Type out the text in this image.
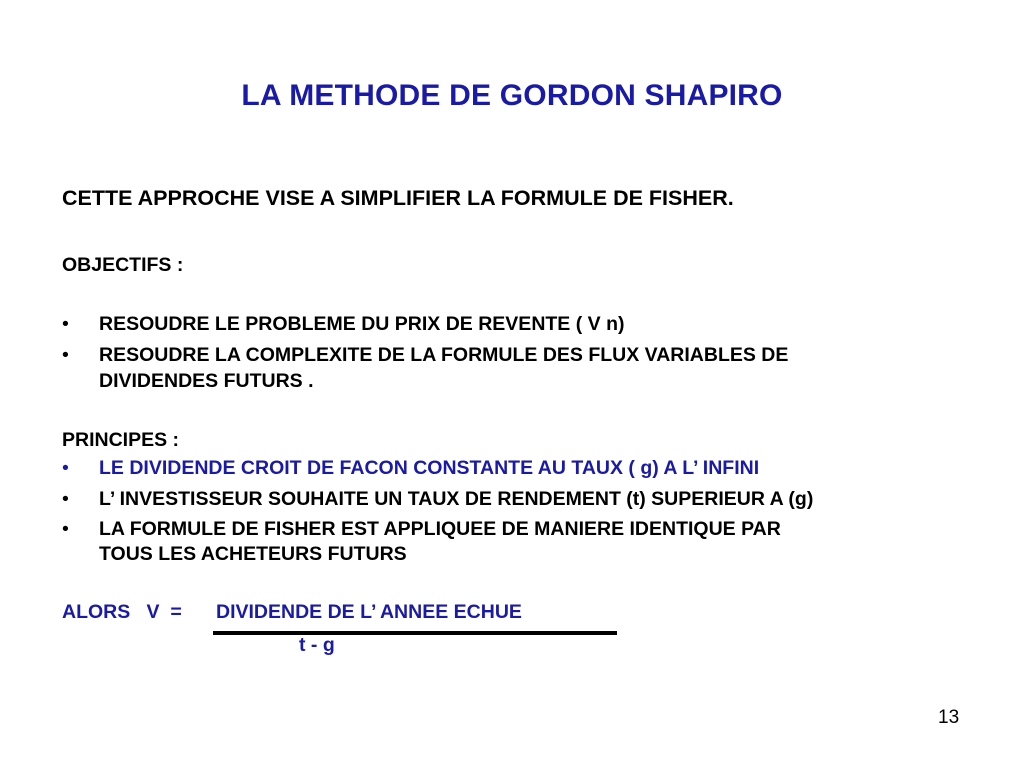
LA METHODE DE GORDON SHAPIRO
CETTE APPROCHE VISE A SIMPLIFIER LA FORMULE DE FISHER.
OBJECTIFS :
• RESOUDRE LE PROBLEME DU PRIX DE REVENTE ( V n)
• RESOUDRE LA COMPLEXITE DE LA FORMULE DES FLUX VARIABLES DE
DIVIDENDES FUTURS .
PRINCIPES :
• LE DIVIDENDE CROIT DE FACON CONSTANTE AU TAUX ( g) A L’ INFINI
• L’ INVESTISSEUR SOUHAITE UN TAUX DE RENDEMENT (t) SUPERIEUR A (g)
• LA FORMULE DE FISHER EST APPLIQUEE DE MANIERE IDENTIQUE PAR
TOUS LES ACHETEURS FUTURS
ALORS   V  = DIVIDENDE DE L’ ANNEE ECHUE
t - g
13
